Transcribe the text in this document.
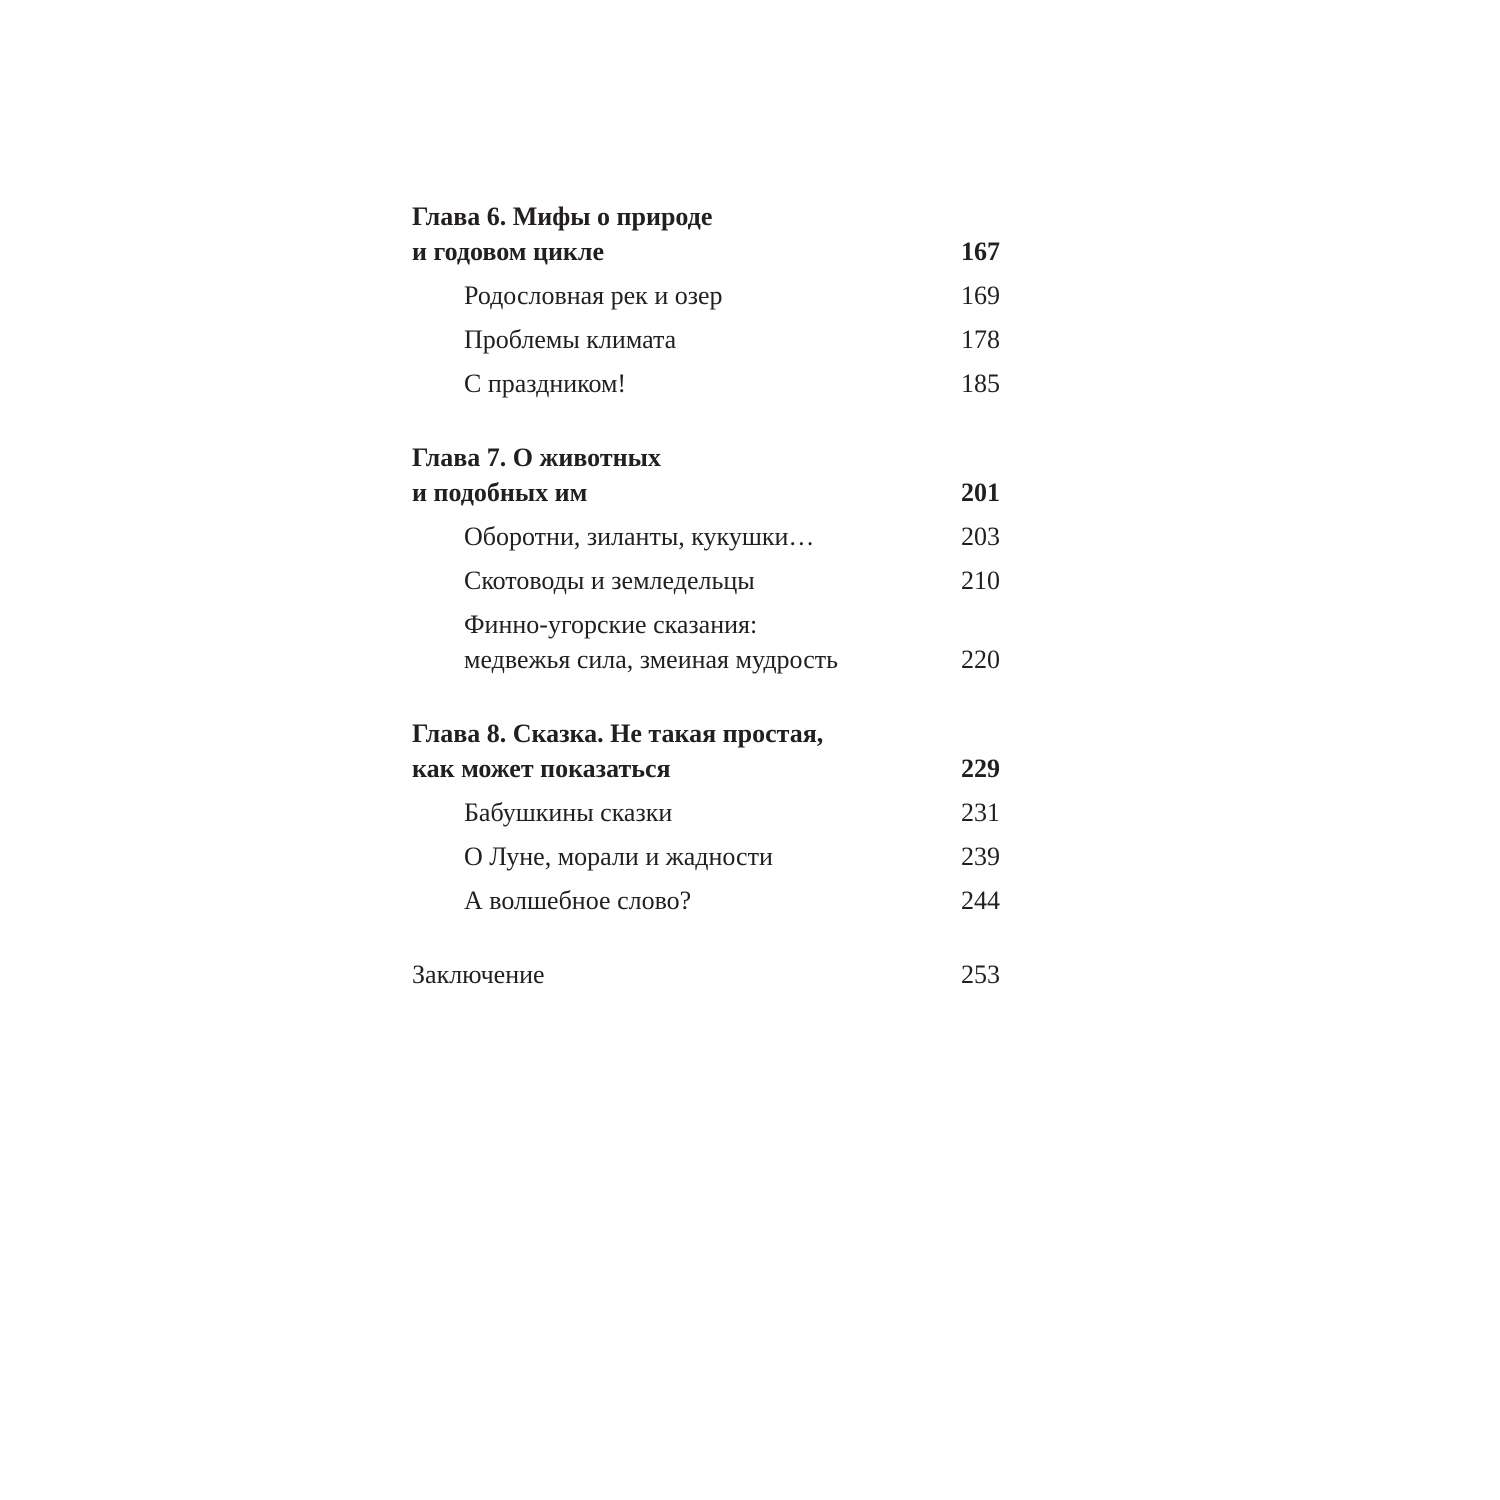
Глава 6. Мифы о природе
и годовом цикле	167
Родословная рек и озер	169
Проблемы климата	178
С праздником!	185
Глава 7. О животных
и подобных им	201
Оборотни, зиланты, кукушки…	203
Скотоводы и земледельцы	210
Финно-угорские сказания:
медвежья сила, змеиная мудрость	220
Глава 8. Сказка. Не такая простая,
как может показаться	229
Бабушкины сказки	231
О Луне, морали и жадности	239
А волшебное слово?	244
Заключение	253
